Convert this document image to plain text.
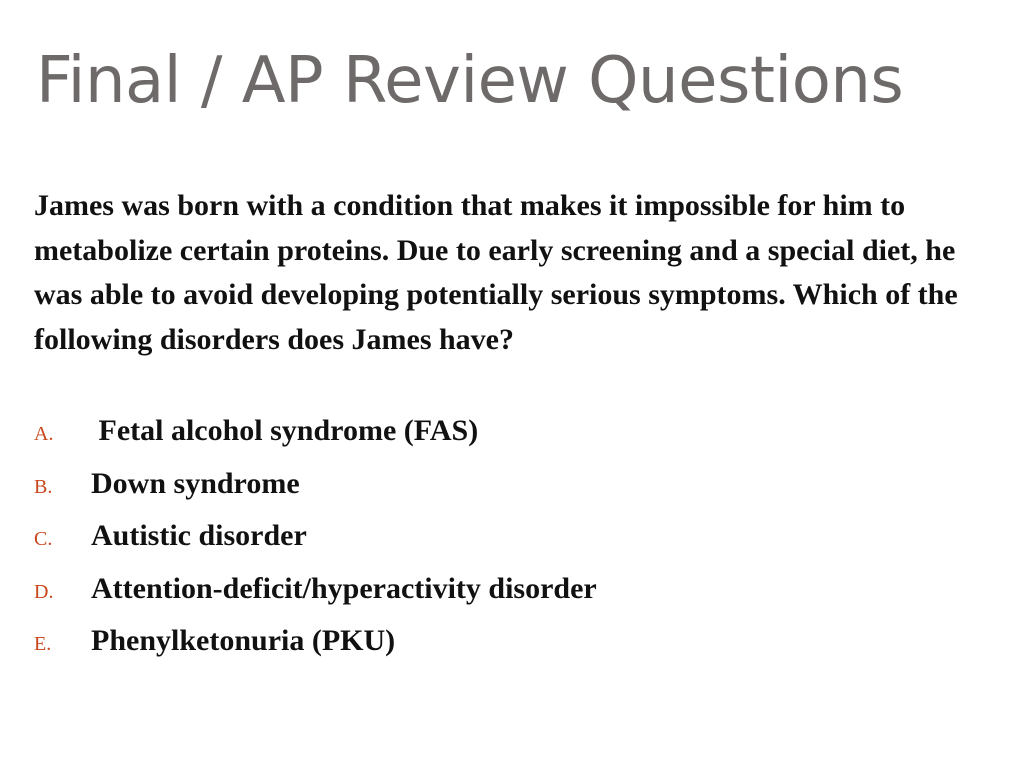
Final / AP Review Questions

James was born with a condition that makes it impossible for him to metabolize certain proteins. Due to early screening and a special diet, he was able to avoid developing potentially serious symptoms. Which of the following disorders does James have?

A.	Fetal alcohol syndrome (FAS)
B.	Down syndrome
C.	Autistic disorder
D.	Attention-deficit/hyperactivity disorder
E.	Phenylketonuria (PKU)
